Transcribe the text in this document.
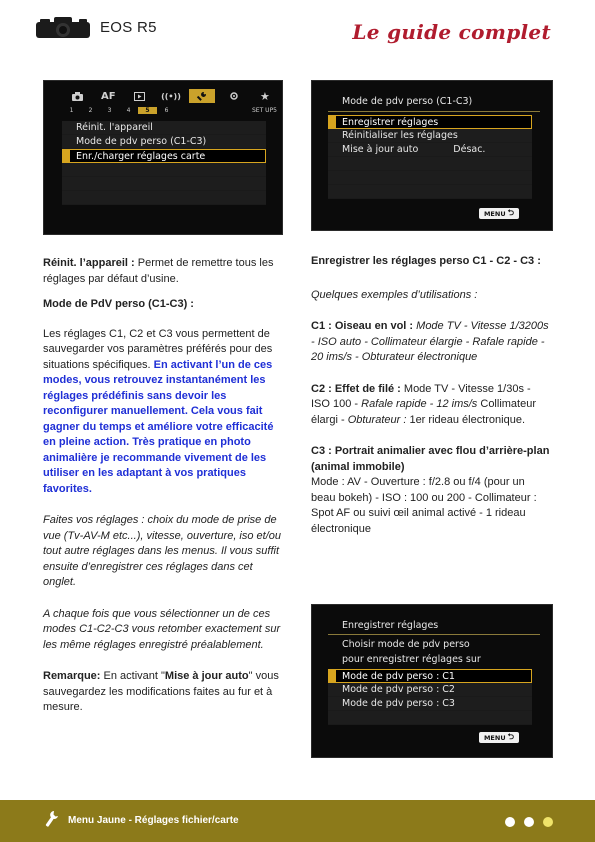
EOS R5	Le guide complet
AF	((•))	★
1	2	3	4	5	6	SET UP5
Réinit. l'appareil
Mode de pdv perso (C1-C3)
Enr./charger réglages carte
Mode de pdv perso (C1-C3)
Enregistrer réglages
Réinitialiser les réglages
Mise à jour auto	Désac.
MENU ⮌

Réinit. l’appareil : Permet de remettre tous les réglages par défaut d’usine.

Mode de PdV perso (C1-C3) :

Les réglages C1, C2 et C3 vous permettent de sauvegarder vos paramètres préférés pour des situations spécifiques. En activant l’un de ces modes, vous retrouvez instantanément les réglages prédéfinis sans devoir les reconfigurer manuellement. Cela vous fait gagner du temps et améliore votre efficacité en pleine action. Très pratique en photo animalière je recommande vivement de les utiliser en les adaptant à vos pratiques favorites.

Faites vos réglages : choix du mode de prise de vue (Tv-AV-M etc...), vitesse, ouverture, iso et/ou tout autre réglages dans les menus. Il vous suffit ensuite d’enregistrer ces réglages dans cet onglet.

A chaque fois que vous sélectionner un de ces modes C1-C2-C3 vous retomber exactement sur les même réglages enregistré préalablement.

Remarque: En activant "Mise à jour auto" vous sauvegardez les modifications faites au fur et à mesure.

Enregistrer les réglages perso C1 - C2 - C3 :

Quelques exemples d’utilisations :

C1 : Oiseau en vol : Mode TV - Vitesse 1/3200s - ISO auto - Collimateur élargie - Rafale rapide - 20 ims/s - Obturateur électronique

C2 : Effet de filé : Mode TV - Vitesse 1/30s - ISO 100 - Rafale rapide - 12 ims/s Collimateur élargi - Obturateur : 1er rideau électronique.

C3 : Portrait animalier avec flou d’arrière-plan (animal immobile)
Mode : AV - Ouverture : f/2.8 ou f/4 (pour un beau bokeh) - ISO : 100 ou 200 - Collimateur : Spot AF ou suivi œil animal activé - 1 rideau électronique

Enregistrer réglages
Choisir mode de pdv perso
pour enregistrer réglages sur
Mode de pdv perso : C1
Mode de pdv perso : C2
Mode de pdv perso : C3
MENU ⮌
Menu Jaune - Réglages fichier/carte
